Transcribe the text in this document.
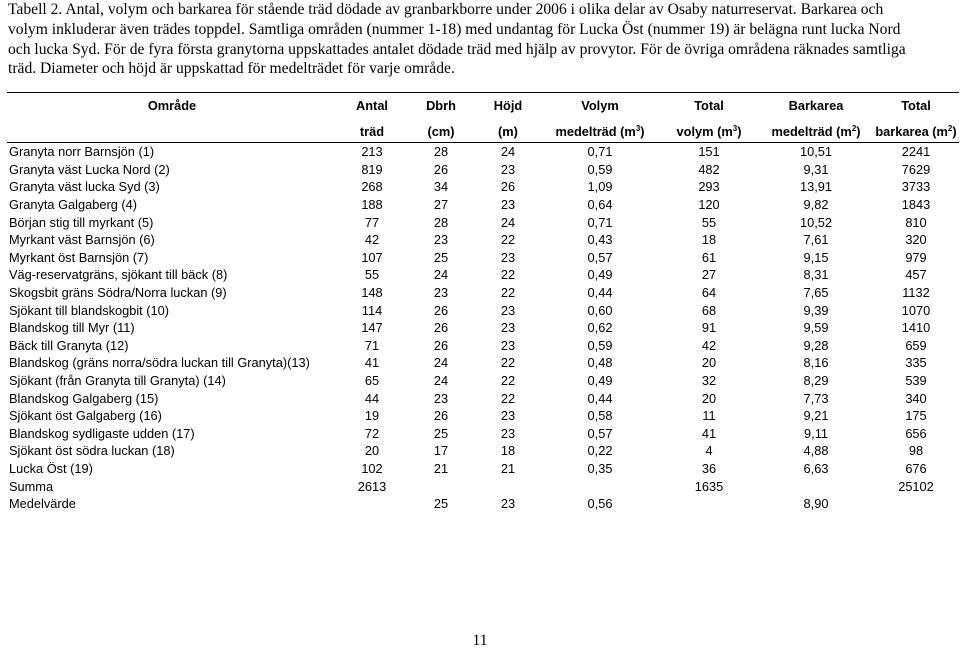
Tabell 2. Antal, volym och barkarea för stående träd dödade av granbarkborre under 2006 i olika delar av Osaby naturreservat. Barkarea och

volym inkluderar även trädes toppdel. Samtliga områden (nummer 1-18) med undantag för Lucka Öst (nummer 19) är belägna runt lucka Nord

och lucka Syd. För de fyra första granytorna uppskattades antalet dödade träd med hjälp av provytor. För de övriga områdena räknades samtliga

träd. Diameter och höjd är uppskattad för medelträdet för varje område.

Område	Antal	Dbrh	Höjd	Volym	Total	Barkarea	Total
	träd	(cm)	(m)	medelträd $(m^3)$	volym $(m^3)$	medelträd $(m^2)$	barkarea $(m^2)$
Granyta norr Barnsjön (1)	213	28	24	0,71	151	10,51	2241
Granyta väst Lucka Nord (2)	819	26	23	0,59	482	9,31	7629
Granyta väst lucka Syd (3)	268	34	26	1,09	293	13,91	3733
Granyta Galgaberg (4)	188	27	23	0,64	120	9,82	1843
Början stig till myrkant (5)	77	28	24	0,71	55	10,52	810
Myrkant väst Barnsjön (6)	42	23	22	0,43	18	7,61	320
Myrkant öst Barnsjön (7)	107	25	23	0,57	61	9,15	979
Väg-reservatgräns, sjökant till bäck (8)	55	24	22	0,49	27	8,31	457
Skogsbit gräns Södra/Norra luckan (9)	148	23	22	0,44	64	7,65	1132
Sjökant till blandskogbit (10)	114	26	23	0,60	68	9,39	1070
Blandskog till Myr (11)	147	26	23	0,62	91	9,59	1410
Bäck till Granyta (12)	71	26	23	0,59	42	9,28	659
Blandskog (gräns norra/södra luckan till Granyta)(13)	41	24	22	0,48	20	8,16	335
Sjökant (från Granyta till Granyta) (14)	65	24	22	0,49	32	8,29	539
Blandskog Galgaberg (15)	44	23	22	0,44	20	7,73	340
Sjökant öst Galgaberg (16)	19	26	23	0,58	11	9,21	175
Blandskog sydligaste udden (17)	72	25	23	0,57	41	9,11	656
Sjökant öst södra luckan (18)	20	17	18	0,22	4	4,88	98
Lucka Öst (19)	102	21	21	0,35	36	6,63	676
Summa	2613				1635		25102
Medelvärde		25	23	0,56		8,90	
11
